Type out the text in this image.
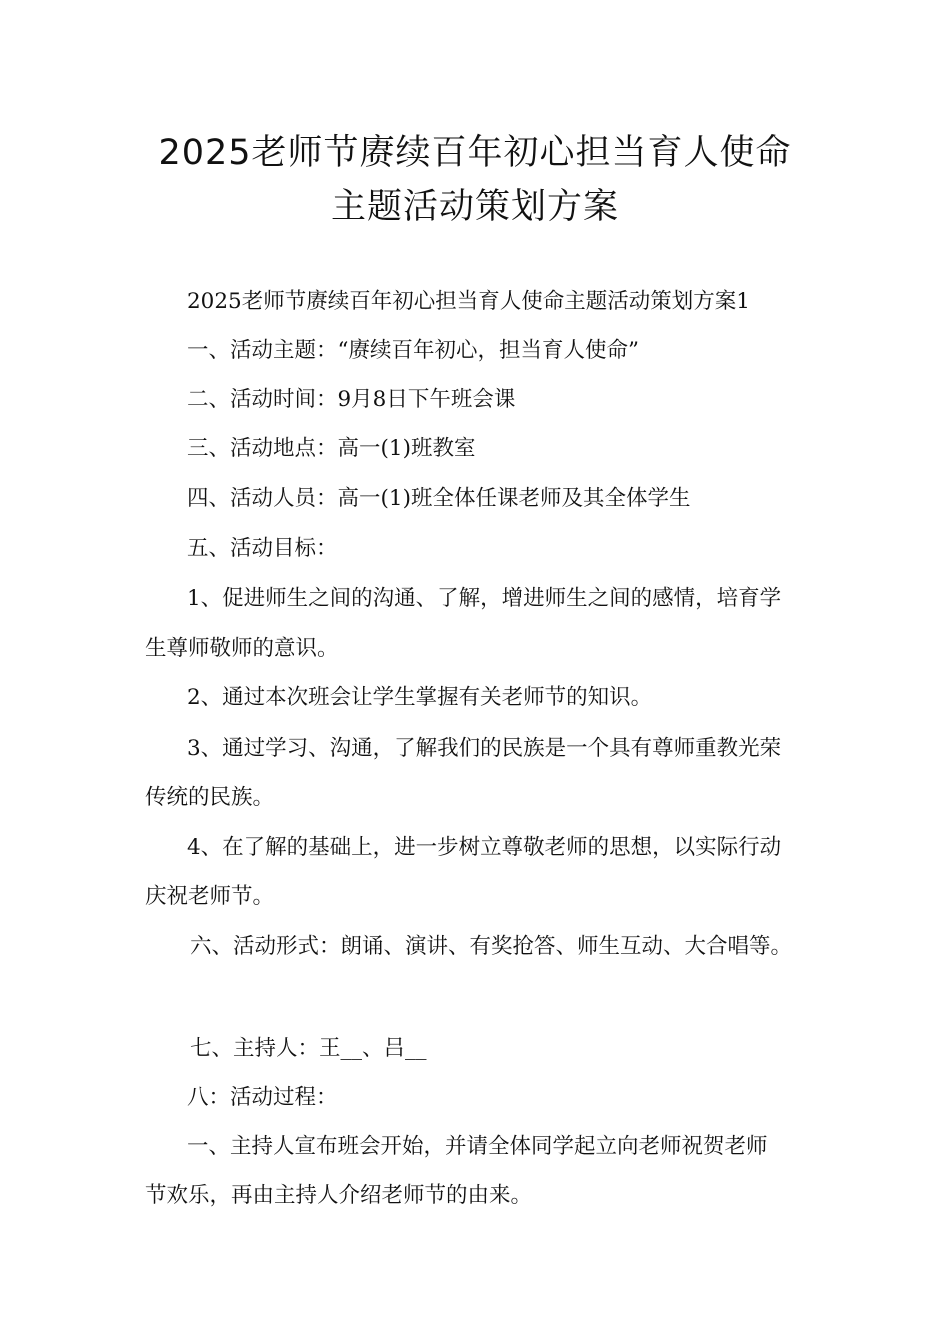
2025老师节赓续百年初心担当育人使命
主题活动策划方案

2025老师节赓续百年初心担当育人使命主题活动策划方案1

一、活动主题：“赓续百年初心，担当育人使命”

二、活动时间：9月8日下午班会课

三、活动地点：高一(1)班教室

四、活动人员：高一(1)班全体任课老师及其全体学生

五、活动目标：

1、促进师生之间的沟通、了解，增进师生之间的感情，培育学

生尊师敬师的意识。

2、通过本次班会让学生掌握有关老师节的知识。

3、通过学习、沟通，了解我们的民族是一个具有尊师重教光荣

传统的民族。

4、在了解的基础上，进一步树立尊敬老师的思想，以实际行动

庆祝老师节。

六、活动形式：朗诵、演讲、有奖抢答、师生互动、大合唱等。

七、主持人：王__、吕__

八：活动过程：

一、主持人宣布班会开始，并请全体同学起立向老师祝贺老师

节欢乐，再由主持人介绍老师节的由来。
